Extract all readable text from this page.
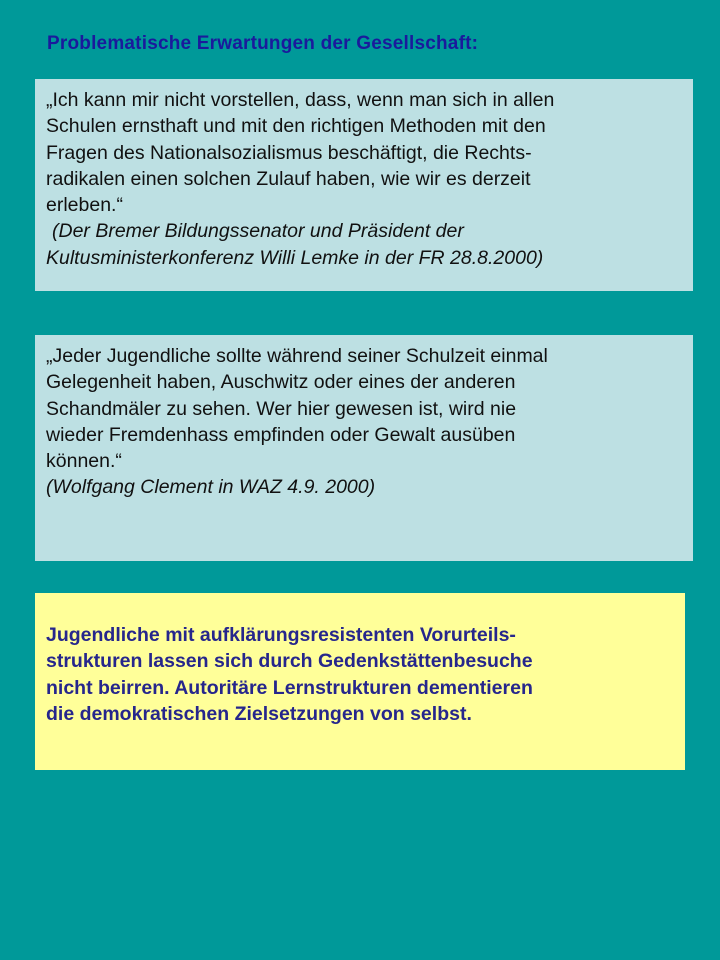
Problematische Erwartungen der Gesellschaft:

„Ich kann mir nicht vorstellen, dass, wenn man sich in allen
Schulen ernsthaft und mit den richtigen Methoden mit den
Fragen des Nationalsozialismus beschäftigt, die Rechts-
radikalen einen solchen Zulauf haben, wie wir es derzeit
erleben.“

(Der Bremer Bildungssenator und Präsident der
Kultusministerkonferenz Willi Lemke in der FR 28.8.2000)

„Jeder Jugendliche sollte während seiner Schulzeit einmal
Gelegenheit haben, Auschwitz oder eines der anderen
Schandmäler zu sehen. Wer hier gewesen ist, wird nie
wieder Fremdenhass empfinden oder Gewalt ausüben
können.“

(Wolfgang Clement in WAZ 4.9. 2000)

Jugendliche mit aufklärungsresistenten Vorurteils-
strukturen lassen sich durch Gedenkstättenbesuche
nicht beirren. Autoritäre Lernstrukturen dementieren
die demokratischen Zielsetzungen von selbst.
